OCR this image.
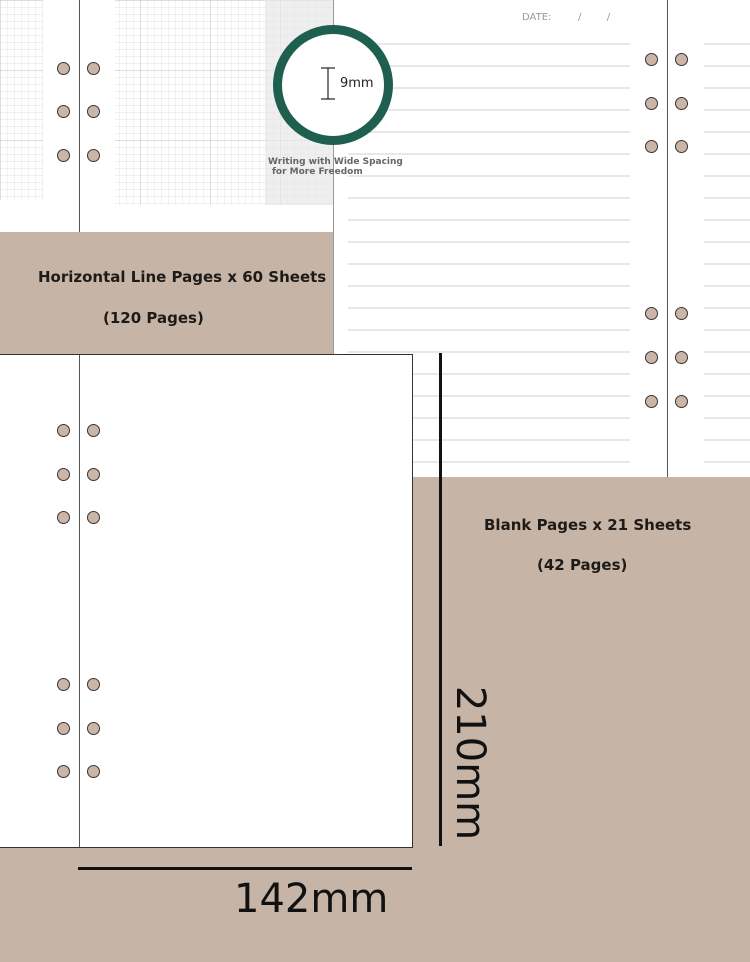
DATE:	/        /
9mm
Writing with Wide Spacing
for More Freedom
Horizontal Line Pages x 60 Sheets
(120 Pages)
Blank Pages x 21 Sheets
(42 Pages)
210mm
142mm
